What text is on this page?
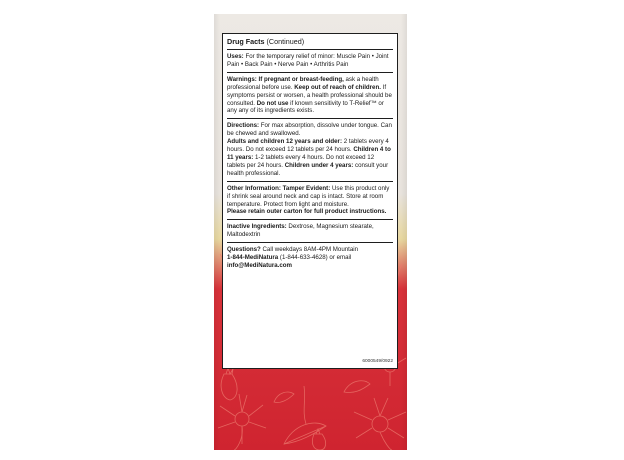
Drug Facts (Continued)
Uses: For the temporary relief of minor: Muscle Pain • Joint Pain • Back Pain • Nerve Pain • Arthritis Pain
Warnings: If pregnant or breast-feeding, ask a health professional before use. Keep out of reach of children. If symptoms persist or worsen, a health professional should be consulted. Do not use if known sensitivity to T-Relief™ or any any of its ingredients exists.
Directions: For max absorption, dissolve under tongue. Can be chewed and swallowed.
Adults and children 12 years and older: 2 tablets every 4 hours. Do not exceed 12 tablets per 24 hours. Children 4 to 11 years: 1-2 tablets every 4 hours. Do not exceed 12 tablets per 24 hours. Children under 4 years: consult your health professional.
Other Information: Tamper Evident: Use this product only if shrink seal around neck and cap is intact. Store at room temperature. Protect from light and moisture.
Please retain outer carton for full product instructions.
Inactive Ingredients: Dextrose, Magnesium stearate, Maltodextrin
Questions? Call weekdays 8AM-4PM Mountain
1-844-MediNatura (1-844-633-4628) or email
info@MediNatura.com
6000549/0922
